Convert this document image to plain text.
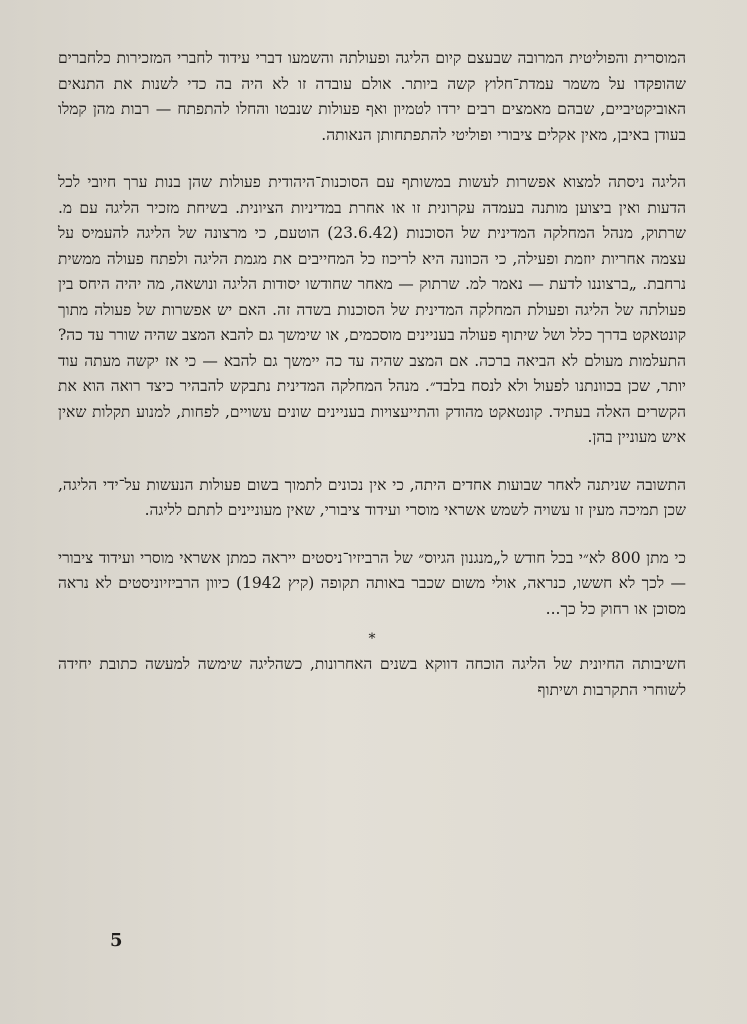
המוסרית והפוליטית המרובה שבעצם קיום הליגה ופעולתה והשמעו דברי עידוד לחברי המזכירות כלחברים שהופקדו על משמר עמדת־חלוץ קשה ביותר. אולם עובדה זו לא היה בה כדי לשנות את התנאים האוביקטיביים, שבהם מאמצים רבים ירדו לטמיון ואף פעולות שנבטו והחלו להתפתח — רבות מהן קמלו בעודן באיבן, מאין אקלים ציבורי ופוליטי להתפתחותן הנאותה.

הליגה ניסתה למצוא אפשרות לעשות במשותף עם הסוכנות־היהודית פעולות שהן בנות ערך חיובי לכל הדעות ואין ביצוען מותנה בעמדה עקרונית זו או אחרת במדיניות הציונית. בשיחת מזכיר הליגה עם מ. שרתוק, מנהל המחלקה המדינית של הסוכנות (23.6.42) הוטעם, כי מרצונה של הליגה להעמיס על עצמה אחריות יוזמת ופעילה, כי הכוונה היא לריכוז כל המחייבים את מגמת הליגה ולפתח פעולה ממשית נרחבת. „ברצוננו לדעת — נאמר למ. שרתוק — מאחר שחודשו יסודות הליגה ונושאה, מה יהיה היחס בין פעולתה של הליגה ופעולת המחלקה המדינית של הסוכנות בשדה זה. האם יש אפשרות של פעולה מתוך קונטאקט בדרך כלל ושל שיתוף פעולה בעניינים מוסכמים, או שימשך גם להבא המצב שהיה שורר עד כה? התעלמות מעולם לא הביאה ברכה. אם המצב שהיה עד כה יימשך גם להבא — כי אז יקשה מעתה עוד יותר, שכן בכוונתנו לפעול ולא לנסח בלבד״. מנהל המחלקה המדינית נתבקש להבהיר כיצד רואה הוא את הקשרים האלה בעתיד. קונטאקט מהודק והתייעצויות בעניינים שונים עשויים, לפחות, למנוע תקלות שאין איש מעוניין בהן.

התשובה שניתנה לאחר שבועות אחדים היתה, כי אין נכונים לתמוך בשום פעולות הנעשות על־ידי הליגה, שכן תמיכה מעין זו עשויה לשמש אשראי מוסרי ועידוד ציבורי, שאין מעוניינים לתתם לליגה.

כי מתן 800 לא״י בכל חודש ל„מנגנון הגיוס״ של הרביזיו־ניסטים ייראה כמתן אשראי מוסרי ועידוד ציבורי — לכך לא חששו, כנראה, אולי משום שכבר באותה תקופה (קיץ 1942) כיוון הרביזיוניסטים לא נראה מסוכן או רחוק כל כך...

*

חשיבותה החיונית של הליגה הוכחה דווקא בשנים האחרונות, כשהליגה שימשה למעשה כתובת יחידה לשוחרי התקרבות ושיתוף

5
